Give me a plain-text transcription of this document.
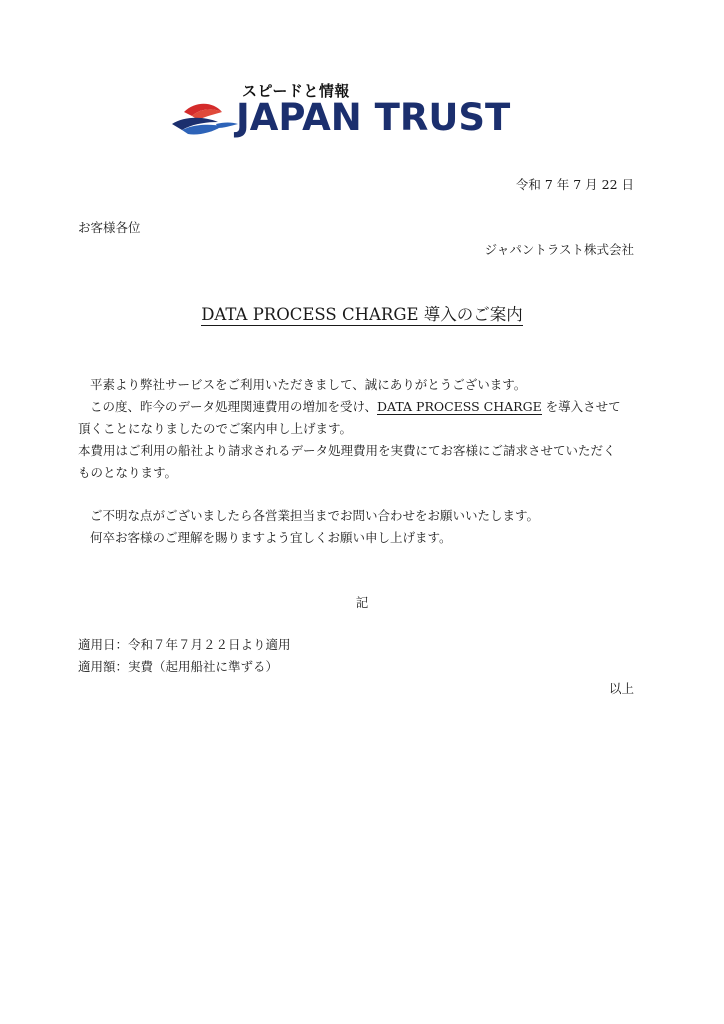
スピードと情報
JAPAN TRUST
令和 7 年 7 月 22 日
お客様各位
ジャパントラスト株式会社
DATA PROCESS CHARGE 導入のご案内
平素より弊社サービスをご利用いただきまして、誠にありがとうございます。
この度、昨今のデータ処理関連費用の増加を受け、DATA PROCESS CHARGE を導入させて
頂くことになりましたのでご案内申し上げます。
本費用はご利用の船社より請求されるデータ処理費用を実費にてお客様にご請求させていただく
ものとなります。
ご不明な点がございましたら各営業担当までお問い合わせをお願いいたします。
何卒お客様のご理解を賜りますよう宜しくお願い申し上げます。
記
適用日：令和７年７月２２日より適用
適用額：実費（起用船社に準ずる）
以上
